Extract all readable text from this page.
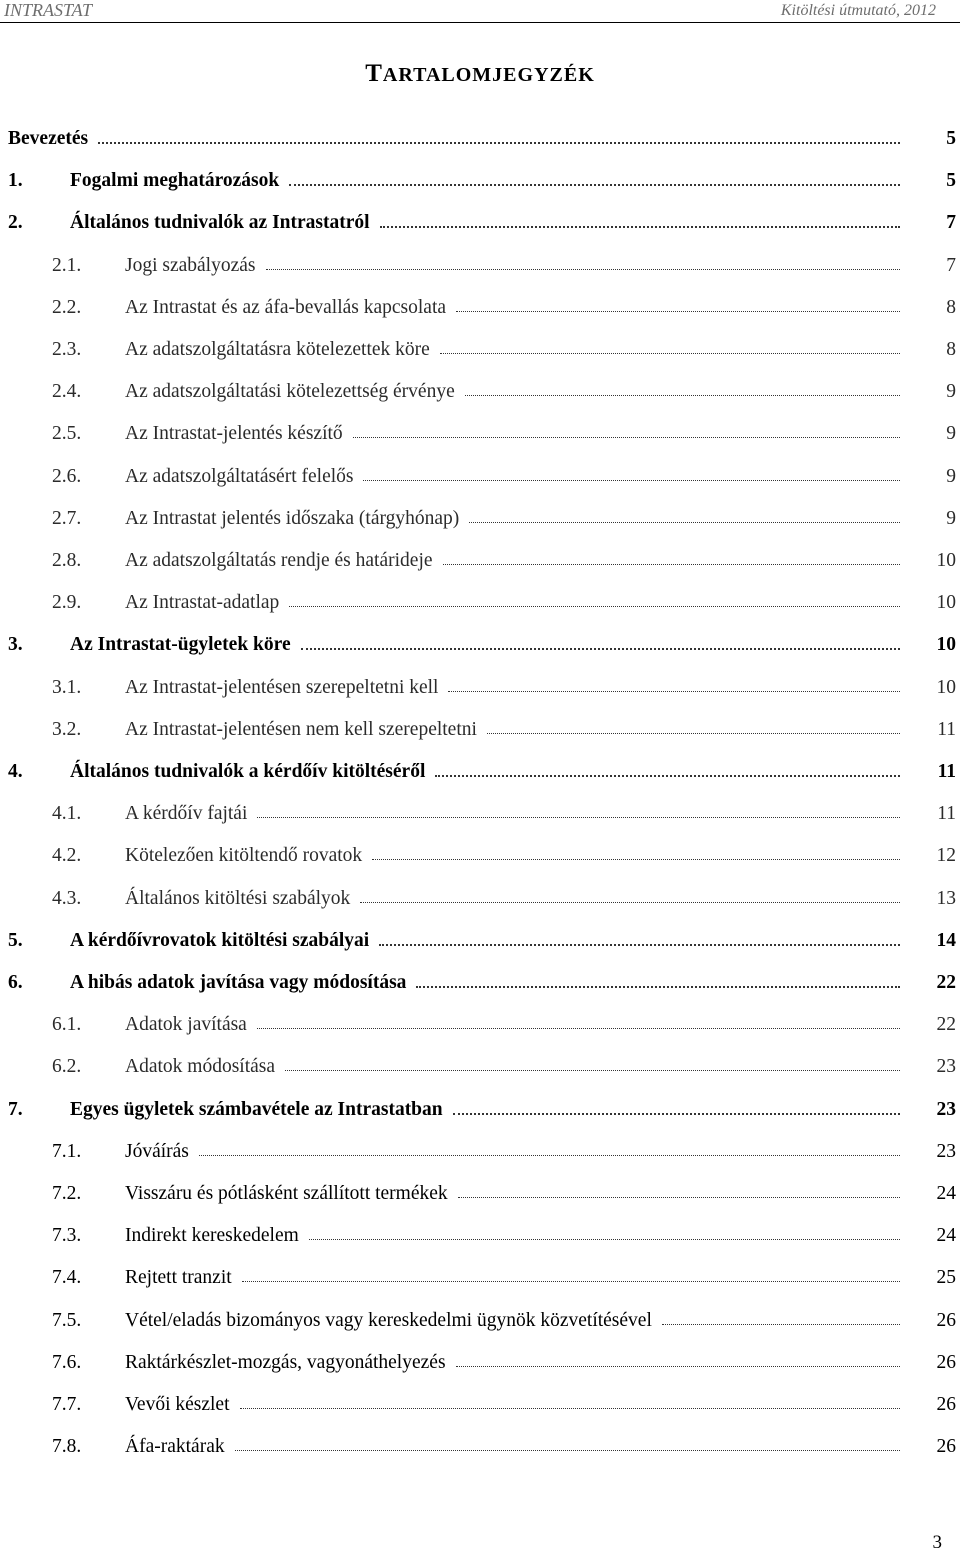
INTRASTAT	Kitöltési útmutató, 2012
TARTALOMJEGYZÉK
Bevezetés	5
1. Fogalmi meghatározások	5
2. Általános tudnivalók az Intrastatról	7
2.1. Jogi szabályozás	7
2.2. Az Intrastat és az áfa-bevallás kapcsolata	8
2.3. Az adatszolgáltatásra kötelezettek köre	8
2.4. Az adatszolgáltatási kötelezettség érvénye	9
2.5. Az Intrastat-jelentés készítő	9
2.6. Az adatszolgáltatásért felelős	9
2.7. Az Intrastat jelentés időszaka (tárgyhónap)	9
2.8. Az adatszolgáltatás rendje és határideje	10
2.9. Az Intrastat-adatlap	10
3. Az Intrastat-ügyletek köre	10
3.1. Az Intrastat-jelentésen szerepeltetni kell	10
3.2. Az Intrastat-jelentésen nem kell szerepeltetni	11
4. Általános tudnivalók a kérdőív kitöltéséről	11
4.1. A kérdőív fajtái	11
4.2. Kötelezően kitöltendő rovatok	12
4.3. Általános kitöltési szabályok	13
5. A kérdőívrovatok kitöltési szabályai	14
6. A hibás adatok javítása vagy módosítása	22
6.1. Adatok javítása	22
6.2. Adatok módosítása	23
7. Egyes ügyletek számbavétele az Intrastatban	23
7.1. Jóváírás	23
7.2. Visszáru és pótlásként szállított termékek	24
7.3. Indirekt kereskedelem	24
7.4. Rejtett tranzit	25
7.5. Vétel/eladás bizományos vagy kereskedelmi ügynök közvetítésével	26
7.6. Raktárkészlet-mozgás, vagyonáthelyezés	26
7.7. Vevői készlet	26
7.8. Áfa-raktárak	26
3
